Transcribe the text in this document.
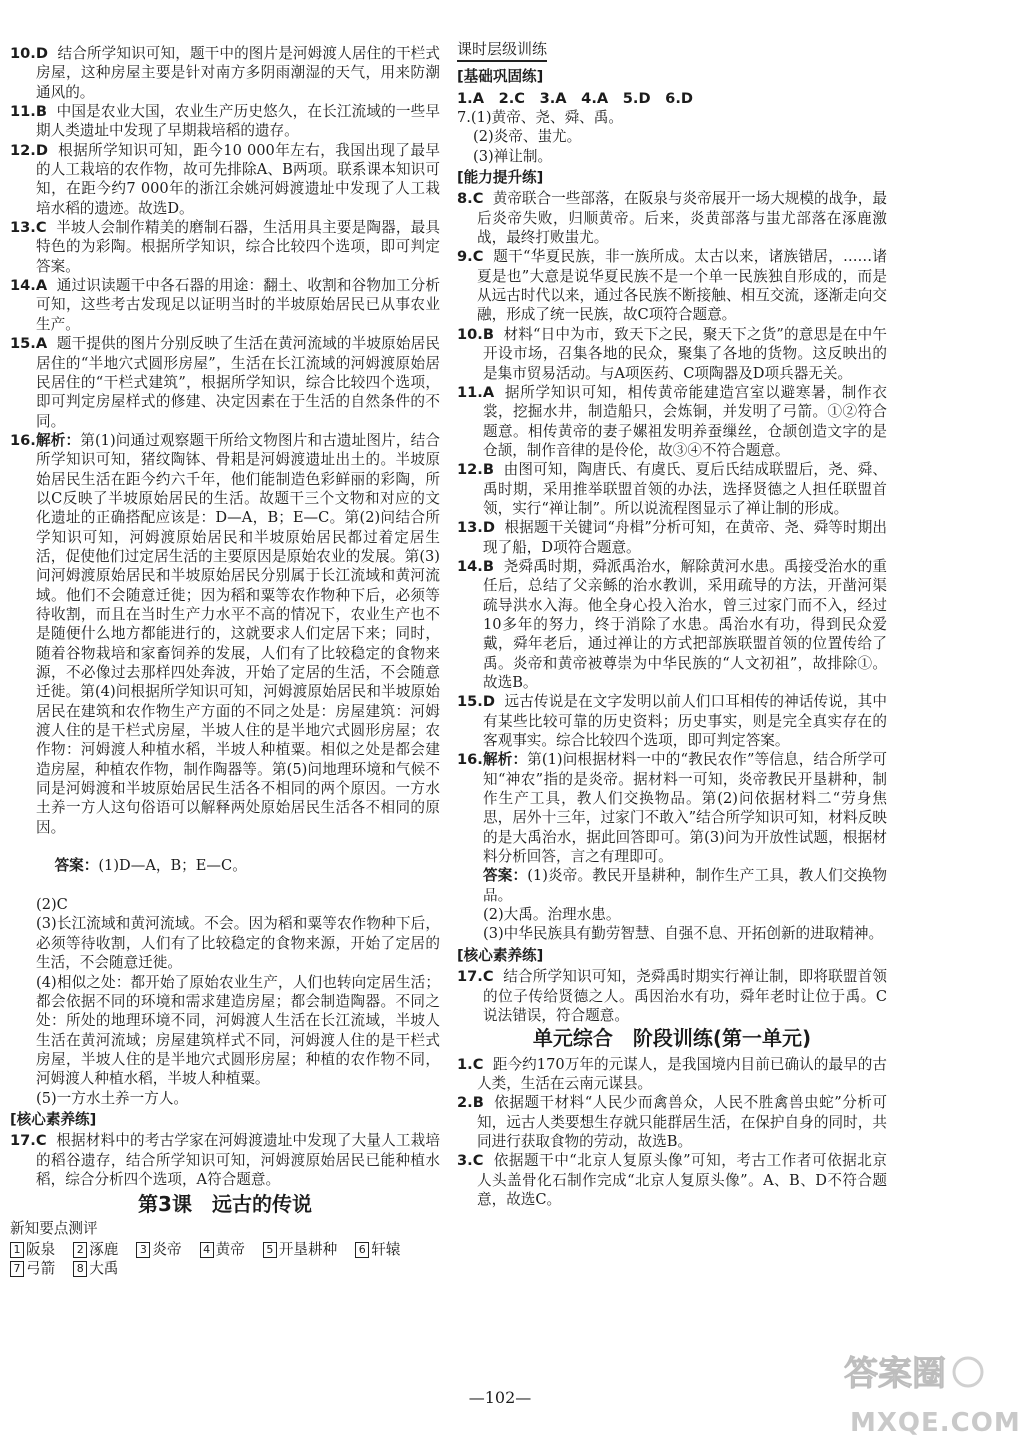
10.D 结合所学知识可知，题干中的图片是河姆渡人居住的干栏式房屋，这种房屋主要是针对南方多阴雨潮湿的天气，用来防潮通风的。

11.B 中国是农业大国，农业生产历史悠久，在长江流域的一些早期人类遗址中发现了早期栽培稻的遗存。

12.D 根据所学知识可知，距今10 000年左右，我国出现了最早的人工栽培的农作物，故可先排除A、B两项。联系课本知识可知，在距今约7 000年的浙江余姚河姆渡遗址中发现了人工栽培水稻的遗迹。故选D。

13.C 半坡人会制作精美的磨制石器，生活用具主要是陶器，最具特色的为彩陶。根据所学知识，综合比较四个选项，即可判定答案。

14.A 通过识读题干中各石器的用途：翻土、收割和谷物加工分析可知，这些考古发现足以证明当时的半坡原始居民已从事农业生产。

15.A 题干提供的图片分别反映了生活在黄河流域的半坡原始居民居住的“半地穴式圆形房屋”，生活在长江流域的河姆渡原始居民居住的“干栏式建筑”，根据所学知识，综合比较四个选项，即可判定房屋样式的修建、决定因素在于生活的自然条件的不同。

16.解析：第(1)问通过观察题干所给文物图片和古遗址图片，结合所学知识可知，猪纹陶钵、骨耜是河姆渡遗址出土的。半坡原始居民生活在距今约六千年，他们能制造色彩鲜丽的彩陶，所以C反映了半坡原始居民的生活。故题干三个文物和对应的文化遗址的正确搭配应该是：D—A，B；E—C。第(2)问结合所学知识可知，河姆渡原始居民和半坡原始居民都过着定居生活，促使他们过定居生活的主要原因是原始农业的发展。第(3)问河姆渡原始居民和半坡原始居民分别属于长江流域和黄河流域。他们不会随意迁徙；因为稻和粟等农作物种下后，必须等待收割，而且在当时生产力水平不高的情况下，农业生产也不是随便什么地方都能进行的，这就要求人们定居下来；同时，随着谷物栽培和家畜饲养的发展，人们有了比较稳定的食物来源，不必像过去那样四处奔波，开始了定居的生活，不会随意迁徙。第(4)问根据所学知识可知，河姆渡原始居民和半坡原始居民在建筑和农作物生产方面的不同之处是：房屋建筑：河姆渡人住的是干栏式房屋，半坡人住的是半地穴式圆形房屋；农作物：河姆渡人种植水稻，半坡人种植粟。相似之处是都会建造房屋，种植农作物，制作陶器等。第(5)问地理环境和气候不同是河姆渡和半坡原始居民生活各不相同的两个原因。一方水土养一方人这句俗语可以解释两处原始居民生活各不相同的原因。

答案：(1)D—A，B；E—C。

(2)C

(3)长江流域和黄河流域。不会。因为稻和粟等农作物种下后，必须等待收割，人们有了比较稳定的食物来源，开始了定居的生活，不会随意迁徙。

(4)相似之处：都开始了原始农业生产，人们也转向定居生活；都会依据不同的环境和需求建造房屋；都会制造陶器。不同之处：所处的地理环境不同，河姆渡人生活在长江流域，半坡人生活在黄河流域；房屋建筑样式不同，河姆渡人住的是干栏式房屋，半坡人住的是半地穴式圆形房屋；种植的农作物不同，河姆渡人种植水稻，半坡人种植粟。

(5)一方水土养一方人。

[核心素养练]

17.C 根据材料中的考古学家在河姆渡遗址中发现了大量人工栽培的稻谷遗存，结合所学知识可知，河姆渡原始居民已能种植水稻，综合分析四个选项，A符合题意。

第3课　远古的传说
新知要点测评
1 阪泉	2 涿鹿	3 炎帝	4 黄帝	5 开垦耕种	6 轩辕
7 弓箭	8 大禹
课时层级训练

[基础巩固练]

1.A　2.C　3.A　4.A　5.D　6.D

7.(1)黄帝、尧、舜、禹。

(2)炎帝、蚩尤。

(3)禅让制。

[能力提升练]

8.C 黄帝联合一些部落，在阪泉与炎帝展开一场大规模的战争，最后炎帝失败，归顺黄帝。后来，炎黄部落与蚩尤部落在涿鹿激战，最终打败蚩尤。

9.C 题干“华夏民族，非一族所成。太古以来，诸族错居，……诸夏是也”大意是说华夏民族不是一个单一民族独自形成的，而是从远古时代以来，通过各民族不断接触、相互交流，逐渐走向交融，形成了统一民族，故C项符合题意。

10.B 材料“日中为市，致天下之民，聚天下之货”的意思是在中午开设市场，召集各地的民众，聚集了各地的货物。这反映出的是集市贸易活动。与A项医药、C项陶器及D项兵器无关。

11.A 据所学知识可知，相传黄帝能建造宫室以避寒暑，制作衣裳，挖掘水井，制造船只，会炼铜，并发明了弓箭。①②符合题意。相传黄帝的妻子嫘祖发明养蚕缫丝，仓颉创造文字的是仓颉，制作音律的是伶伦，故③④不符合题意。

12.B 由图可知，陶唐氏、有虞氏、夏后氏结成联盟后，尧、舜、禹时期，采用推举联盟首领的办法，选择贤德之人担任联盟首领，实行“禅让制”。所以说流程图显示了禅让制的形成。

13.D 根据题干关键词“舟楫”分析可知，在黄帝、尧、舜等时期出现了船，D项符合题意。

14.B 尧舜禹时期，舜派禹治水，解除黄河水患。禹接受治水的重任后，总结了父亲鲧的治水教训，采用疏导的方法，开凿河渠疏导洪水入海。他全身心投入治水，曾三过家门而不入，经过10多年的努力，终于消除了水患。禹治水有功，得到民众爱戴，舜年老后，通过禅让的方式把部族联盟首领的位置传给了禹。炎帝和黄帝被尊崇为中华民族的“人文初祖”，故排除①。故选B。

15.D 远古传说是在文字发明以前人们口耳相传的神话传说，其中有某些比较可靠的历史资料；历史事实，则是完全真实存在的客观事实。综合比较四个选项，即可判定答案。

16.解析：第(1)问根据材料一中的“教民农作”等信息，结合所学可知“神农”指的是炎帝。据材料一可知，炎帝教民开垦耕种，制作生产工具，教人们交换物品。第(2)问依据材料二“劳身焦思，居外十三年，过家门不敢入”结合所学知识可知，材料反映的是大禹治水，据此回答即可。第(3)问为开放性试题，根据材料分析回答，言之有理即可。

答案：(1)炎帝。教民开垦耕种，制作生产工具，教人们交换物品。

(2)大禹。治理水患。

(3)中华民族具有勤劳智慧、自强不息、开拓创新的进取精神。

[核心素养练]

17.C 结合所学知识可知，尧舜禹时期实行禅让制，即将联盟首领的位子传给贤德之人。禹因治水有功，舜年老时让位于禹。C说法错误，符合题意。

单元综合　阶段训练(第一单元)

1.C 距今约170万年的元谋人，是我国境内目前已确认的最早的古人类，生活在云南元谋县。

2.B 依据题干材料“人民少而禽兽众，人民不胜禽兽虫蛇”分析可知，远古人类要想生存就只能群居生活，在保护自身的同时，共同进行获取食物的劳动，故选B。

3.C 依据题干中“北京人复原头像”可知，考古工作者可依据北京人头盖骨化石制作完成“北京人复原头像”。A、B、D不符合题意，故选C。

—102—
答案圈
MXQE.COM
